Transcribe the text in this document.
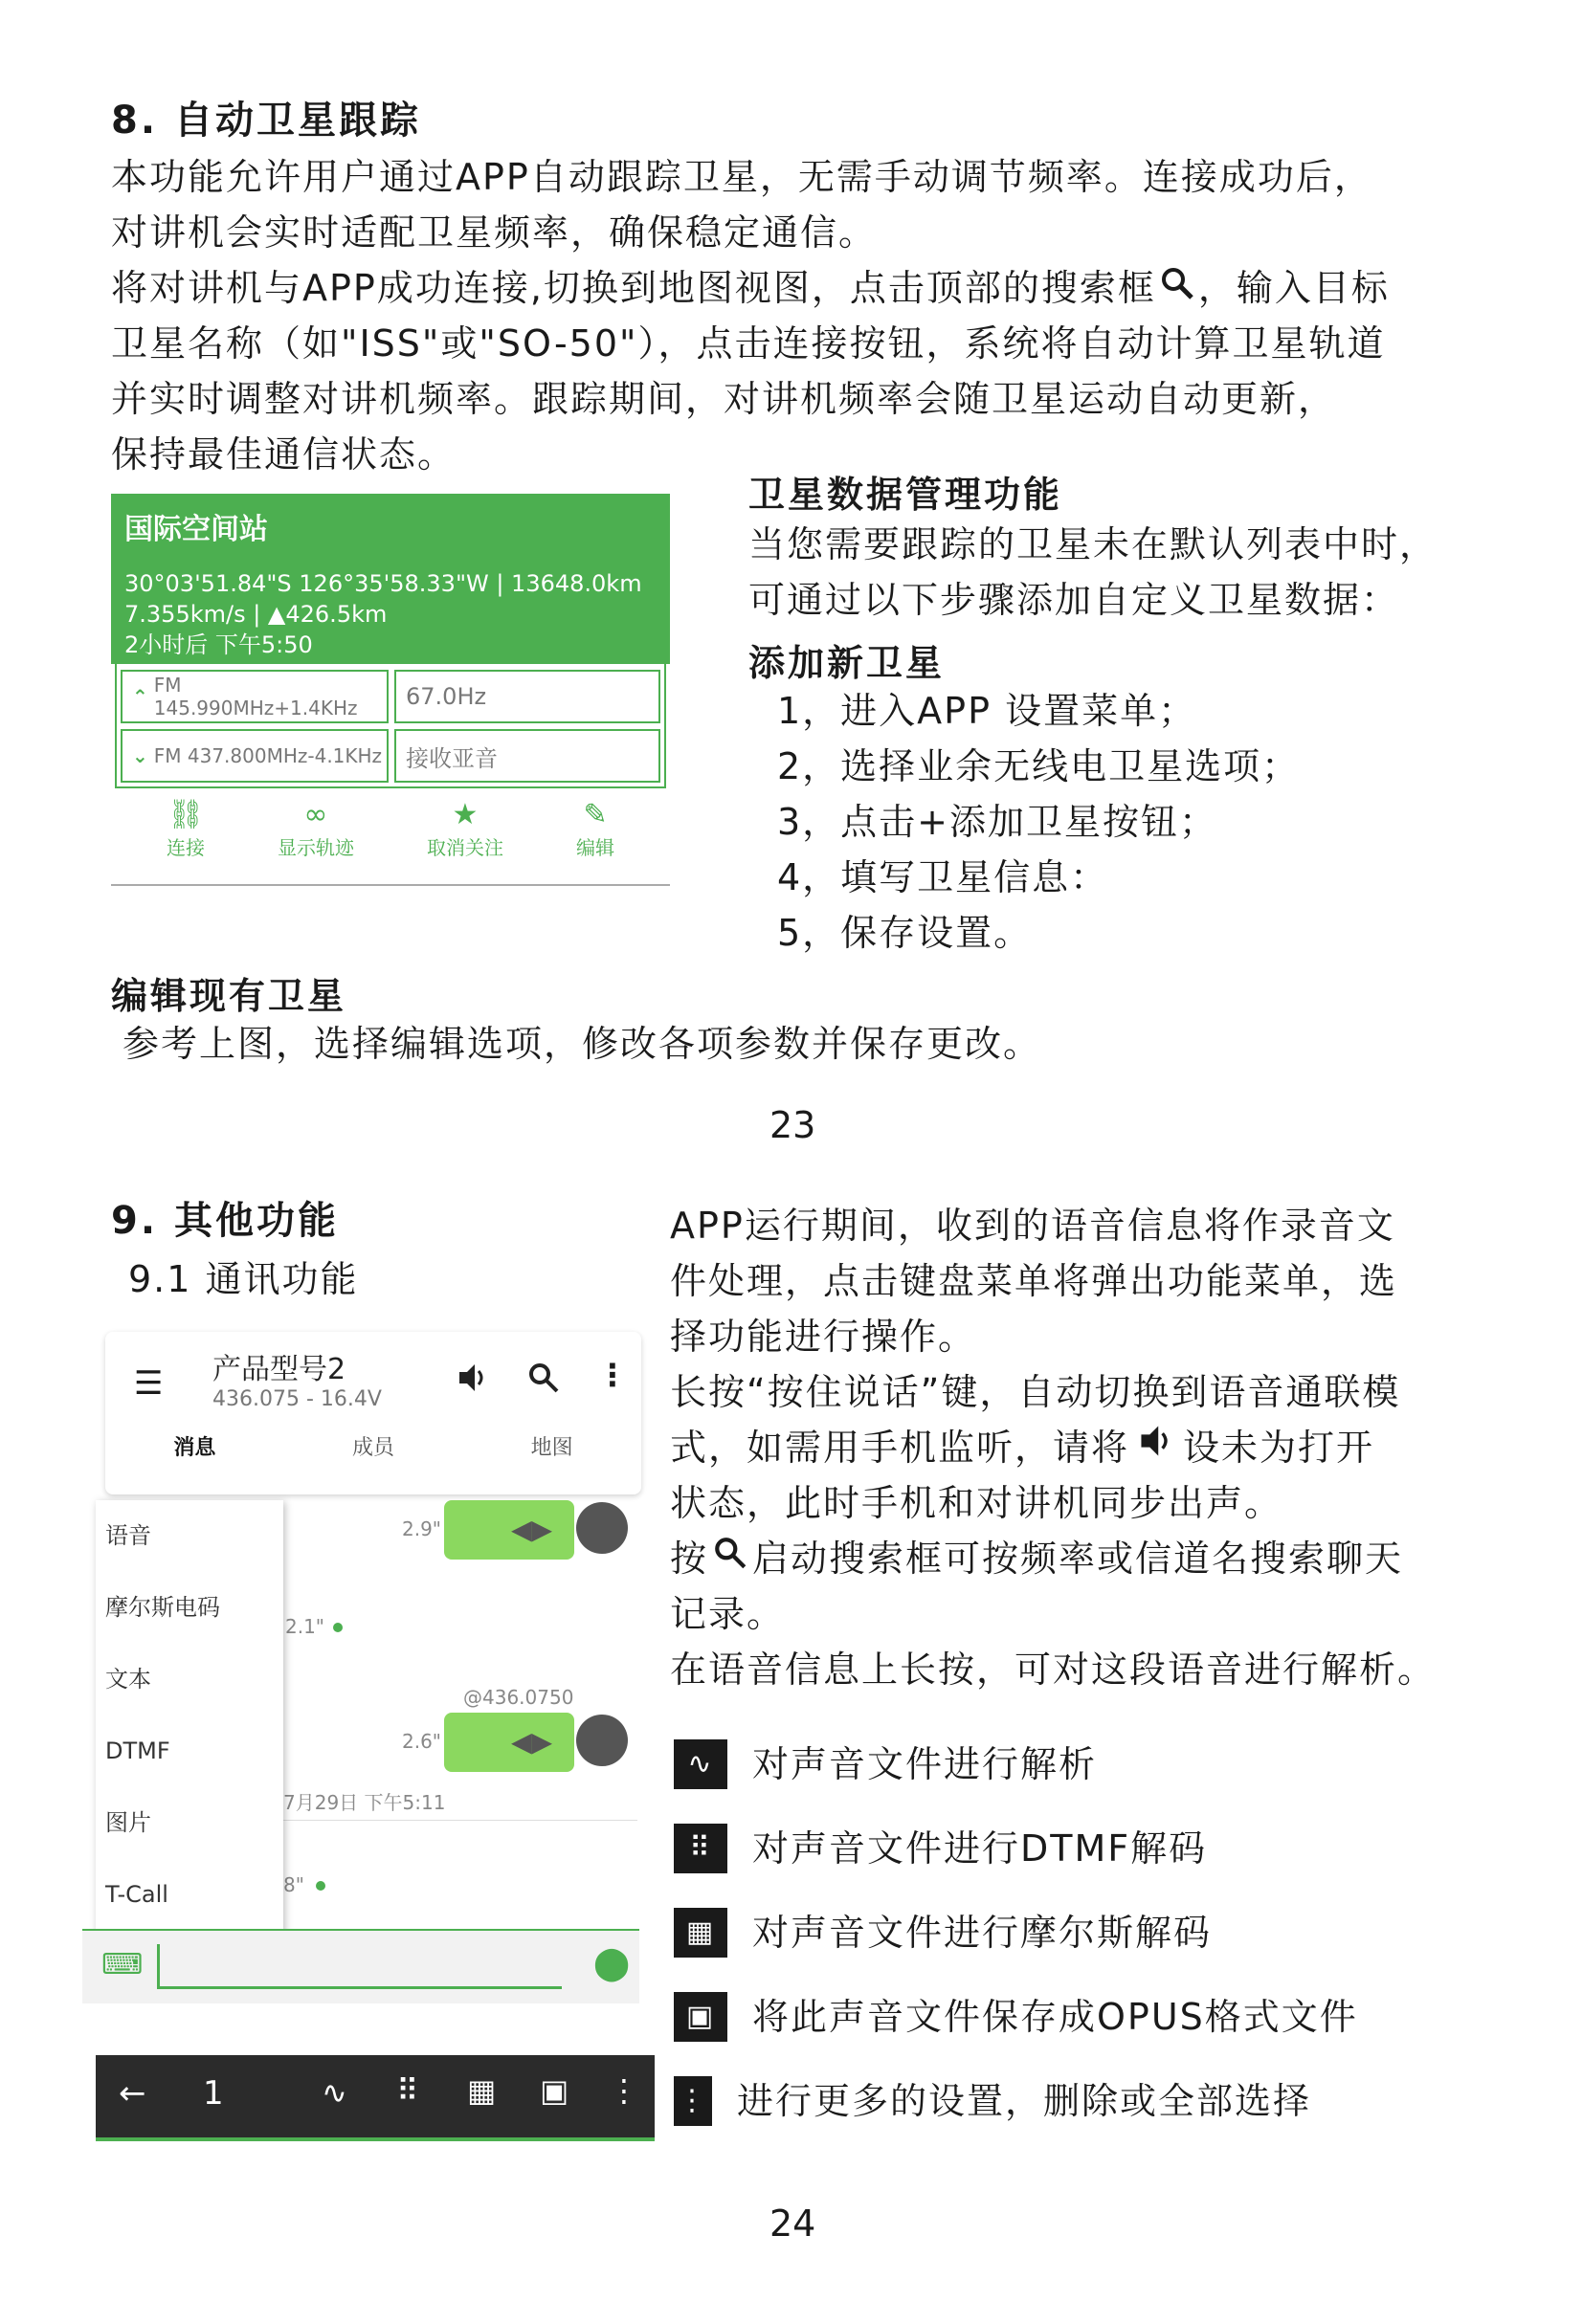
8. 自动卫星跟踪
本功能允许用户通过APP自动跟踪卫星，无需手动调节频率。连接成功后，
对讲机会实时适配卫星频率，确保稳定通信。
将对讲机与APP成功连接,切换到地图视图，点击顶部的搜索框 ，输入目标
卫星名称（如"ISS"或"SO-50"），点击连接按钮，系统将自动计算卫星轨道
并实时调整对讲机频率。跟踪期间，对讲机频率会随卫星运动自动更新，
保持最佳通信状态。
国际空间站
30°03'51.84"S 126°35'58.33"W | 13648.0km
7.355km/s | ▲426.5km
2小时后 下午5:50
⌃ FM 145.990MHz+1.4KHz	67.0Hz
⌄ FM 437.800MHz-4.1KHz	接收亚音
⛓
连接
∞
显示轨迹
★
取消关注
✎
编辑
卫星数据管理功能
当您需要跟踪的卫星未在默认列表中时，
可通过以下步骤添加自定义卫星数据：
添加新卫星
1，进入APP 设置菜单；
2，选择业余无线电卫星选项；
3，点击+添加卫星按钮；
4，填写卫星信息：
5，保存设置。
编辑现有卫星
参考上图，选择编辑选项，修改各项参数并保存更改。
23
9. 其他功能
9.1 通讯功能
☰ 产品型号2
436.075 - 16.4V
⋮
消息	成员	地图
2.9"	◀▶
2.1"
@436.0750
2.6"	◀▶
7月29日 下午5:11
8"
语音
摩尔斯电码
文本
DTMF
图片
T-Call
⌨	⬤
← 1	∿ ⠿ ▦ ▣ ⋮
APP运行期间，收到的语音信息将作录音文
件处理，点击键盘菜单将弹出功能菜单，选
择功能进行操作。
长按“按住说话”键，自动切换到语音通联模
式，如需用手机监听，请将 设未为打开
状态，此时手机和对讲机同步出声。
按 启动搜索框可按频率或信道名搜索聊天
记录。
在语音信息上长按，可对这段语音进行解析。
∿	对声音文件进行解析
⠿	对声音文件进行DTMF解码
▦	对声音文件进行摩尔斯解码
▣	将此声音文件保存成OPUS格式文件
⋮ 进行更多的设置，删除或全部选择
24
